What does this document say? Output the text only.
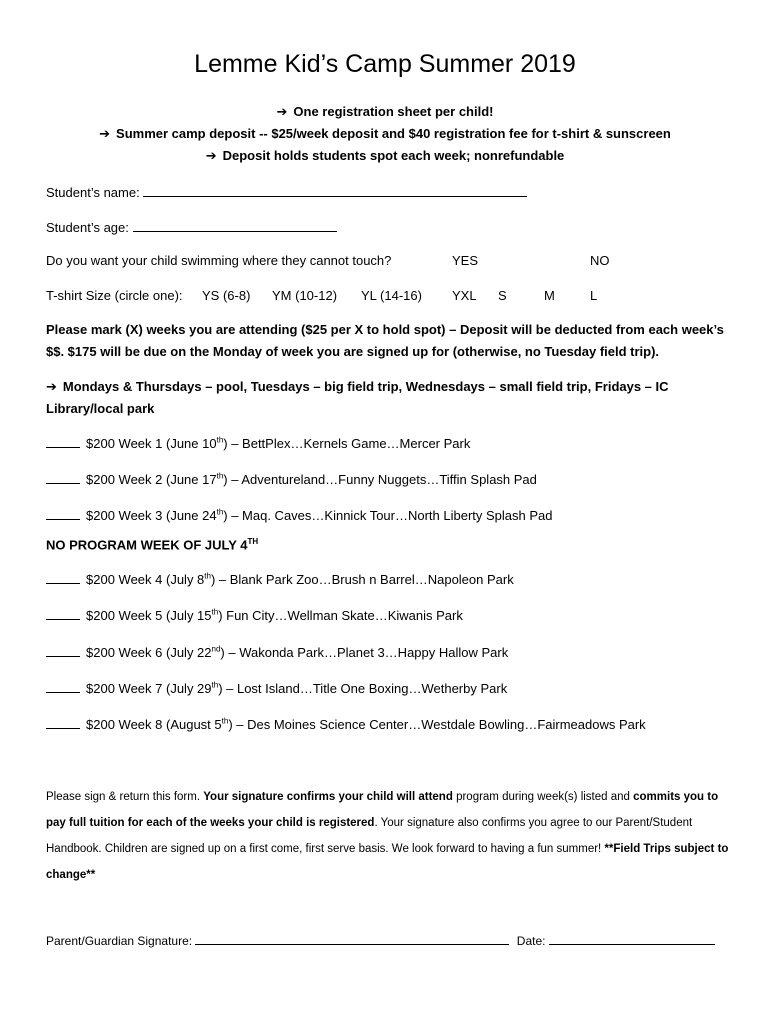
Lemme Kid’s Camp Summer 2019
➔ One registration sheet per child!
➔ Summer camp deposit -- $25/week deposit and $40 registration fee for t-shirt & sunscreen
➔ Deposit holds students spot each week; nonrefundable
Student’s name:
Student’s age:
Do you want your child swimming where they cannot touch?	YES	NO
T-shirt Size (circle one): YS (6-8) YM (10-12) YL (14-16) YXL S	M	L
Please mark (X) weeks you are attending ($25 per X to hold spot) – Deposit will be deducted from each week’s $$. $175 will be due on the Monday of week you are signed up for (otherwise, no Tuesday field trip).
➔ Mondays & Thursdays – pool, Tuesdays – big field trip, Wednesdays – small field trip, Fridays – IC Library/local park
$200 Week 1 (June 10th) – BettPlex…Kernels Game…Mercer Park
$200 Week 2 (June 17th) – Adventureland…Funny Nuggets…Tiffin Splash Pad
$200 Week 3 (June 24th) – Maq. Caves…Kinnick Tour…North Liberty Splash Pad
NO PROGRAM WEEK OF JULY 4TH
$200 Week 4 (July 8th) – Blank Park Zoo…Brush n Barrel…Napoleon Park
$200 Week 5 (July 15th) Fun City…Wellman Skate…Kiwanis Park
$200 Week 6 (July 22nd) – Wakonda Park…Planet 3…Happy Hallow Park
$200 Week 7 (July 29th) – Lost Island…Title One Boxing…Wetherby Park
$200 Week 8 (August 5th) – Des Moines Science Center…Westdale Bowling…Fairmeadows Park
Please sign & return this form. Your signature confirms your child will attend program during week(s) listed and commits you to pay full tuition for each of the weeks your child is registered. Your signature also confirms you agree to our Parent/Student Handbook. Children are signed up on a first come, first serve basis. We look forward to having a fun summer! **Field Trips subject to change**
Parent/Guardian Signature:	Date:
